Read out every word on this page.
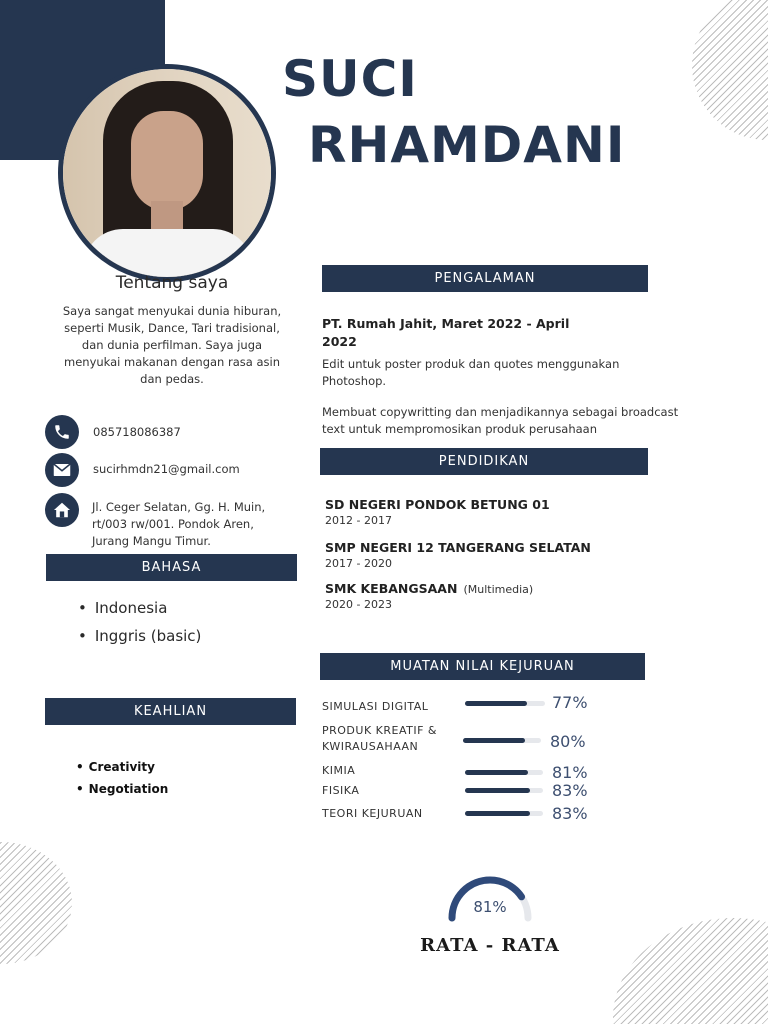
SUCI
RHAMDANI
Tentang saya
Saya sangat menyukai dunia hiburan, seperti Musik, Dance, Tari tradisional, dan dunia perfilman. Saya juga menyukai makanan dengan rasa asin dan pedas.
085718086387
sucirhmdn21@gmail.com
Jl. Ceger Selatan, Gg. H. Muin, rt/003 rw/001. Pondok Aren, Jurang Mangu Timur.
BAHASA
• Indonesia
• Inggris (basic)
KEAHLIAN
• Creativity
• Negotiation
PENGALAMAN
PT. Rumah Jahit, Maret 2022 - April 2022
Edit untuk poster produk dan quotes menggunakan Photoshop.
Membuat copywritting dan menjadikannya sebagai broadcast text untuk mempromosikan produk perusahaan
PENDIDIKAN
SD NEGERI PONDOK BETUNG 01
2012 - 2017
SMP NEGERI 12 TANGERANG SELATAN
2017 - 2020
SMK KEBANGSAAN (Multimedia)
2020 - 2023
MUATAN NILAI KEJURUAN
SIMULASI DIGITAL	77%
PRODUK KREATIF & KWIRAUSAHAAN	80%
KIMIA	81%
FISIKA	83%
TEORI KEJURUAN	83%
81%
RATA - RATA
